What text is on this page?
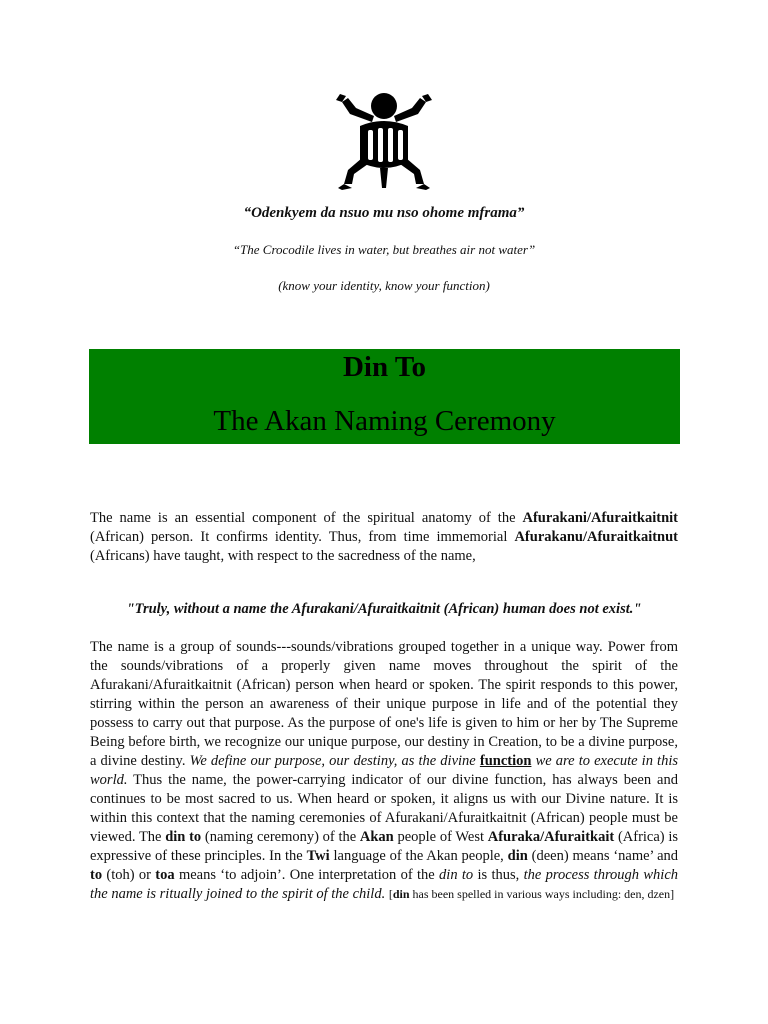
“Odenkyem da nsuo mu nso ohome mframa”

“The Crocodile lives in water, but breathes air not water”

(know your identity, know your function)

Din To
The Akan Naming Ceremony

The name is an essential component of the spiritual anatomy of the Afurakani/Afuraitkaitnit (African) person. It confirms identity. Thus, from time immemorial Afurakanu/Afuraitkaitnut (Africans) have taught, with respect to the sacredness of the name,

"Truly, without a name the Afurakani/Afuraitkaitnit (African) human does not exist."

The name is a group of sounds---sounds/vibrations grouped together in a unique way. Power from the sounds/vibrations of a properly given name moves throughout the spirit of the Afurakani/Afuraitkaitnit (African) person when heard or spoken. The spirit responds to this power, stirring within the person an awareness of their unique purpose in life and of the potential they possess to carry out that purpose. As the purpose of one's life is given to him or her by The Supreme Being before birth, we recognize our unique purpose, our destiny in Creation, to be a divine purpose, a divine destiny. We define our purpose, our destiny, as the divine function we are to execute in this world. Thus the name, the power-carrying indicator of our divine function, has always been and continues to be most sacred to us. When heard or spoken, it aligns us with our Divine nature. It is within this context that the naming ceremonies of Afurakani/Afuraitkaitnit (African) people must be viewed. The din to (naming ceremony) of the Akan people of West Afuraka/Afuraitkait (Africa) is expressive of these principles. In the Twi language of the Akan people, din (deen) means ‘name’ and to (toh) or toa means ‘to adjoin’. One interpretation of the din to is thus, the process through which the name is ritually joined to the spirit of the child. [din has been spelled in various ways including: den, dzen]
